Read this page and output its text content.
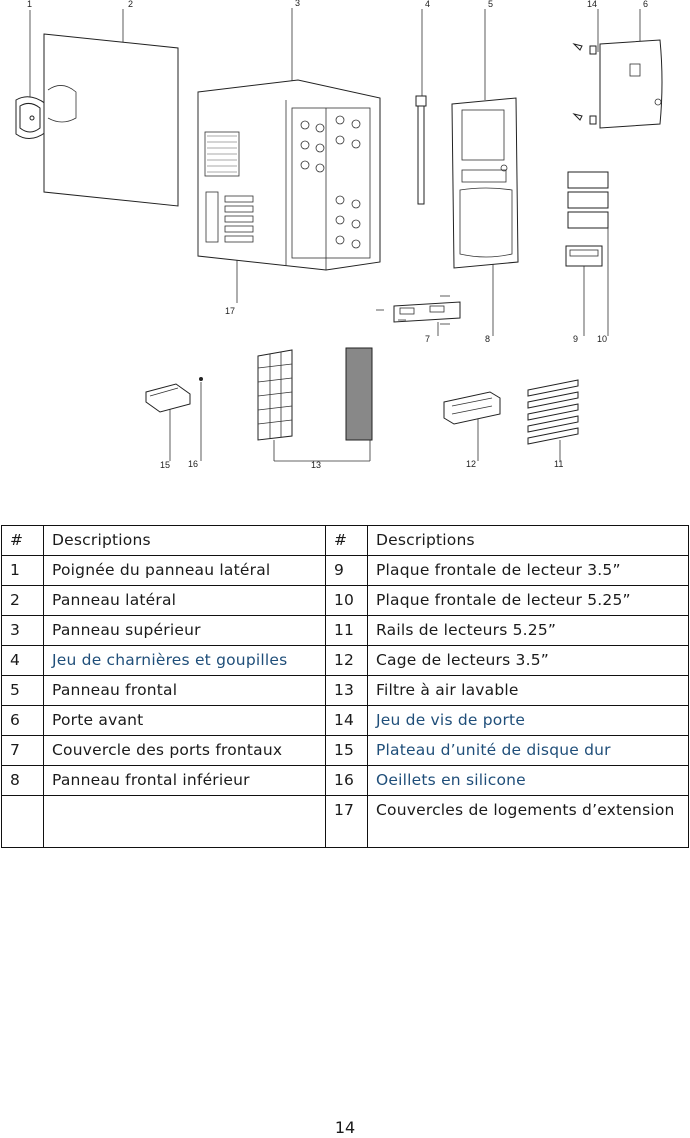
1	2	3	4	5	14	6
17
7	8	9 10
15 16	13	12	11
#	Descriptions	#	Descriptions
1	Poignée du panneau latéral	9	Plaque frontale de lecteur 3.5”
2	Panneau latéral	10	Plaque frontale de lecteur 5.25”
3	Panneau supérieur	11	Rails de lecteurs 5.25”
4	Jeu de charnières et goupilles	12	Cage de lecteurs 3.5”
5	Panneau frontal	13	Filtre à air lavable
6	Porte avant	14	Jeu de vis de porte
7	Couvercle des ports frontaux	15	Plateau d’unité de disque dur
8	Panneau frontal inférieur	16	Oeillets en silicone
		17	Couvercles de logements d’extension
14
